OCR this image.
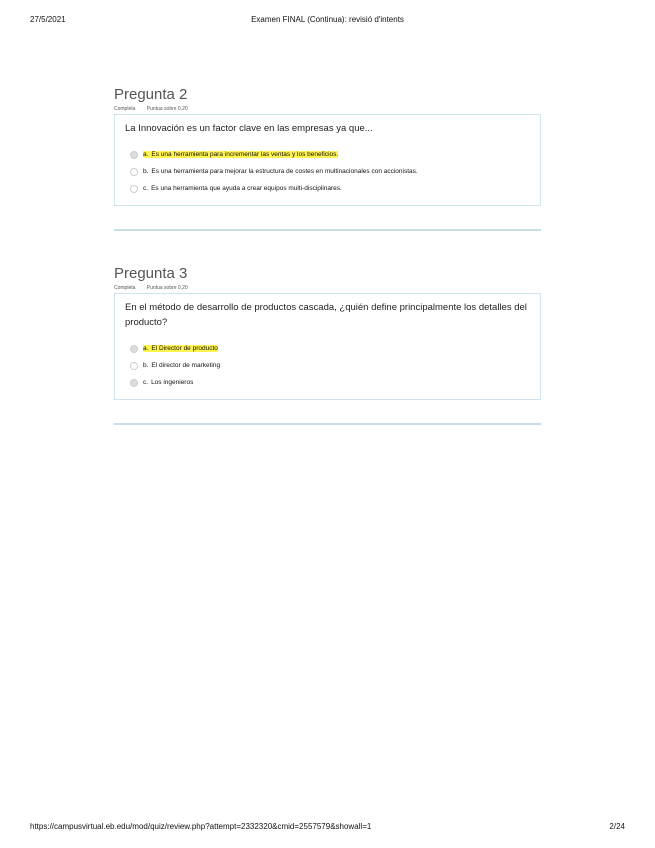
27/5/2021	Examen FINAL (Continua): revisió d'intents
Pregunta 2
Completa Puntua sobre 0,20
La Innovación es un factor clave en las empresas ya que...
a. Es una herramienta para incrementar las ventas y los beneficios.
b. Es una herramienta para mejorar la estructura de costes en multinacionales con accionistas.
c. Es una herramienta que ayuda a crear equipos multi-disciplinares.
Pregunta 3
Completa Puntua sobre 0,20
En el método de desarrollo de productos cascada, ¿quién define principalmente los detalles del producto?
a. El Director de producto
b. El director de marketing
c. Los ingenieros
https://campusvirtual.eb.edu/mod/quiz/review.php?attempt=2332320&cmid=2557579&showall=1	2/24
